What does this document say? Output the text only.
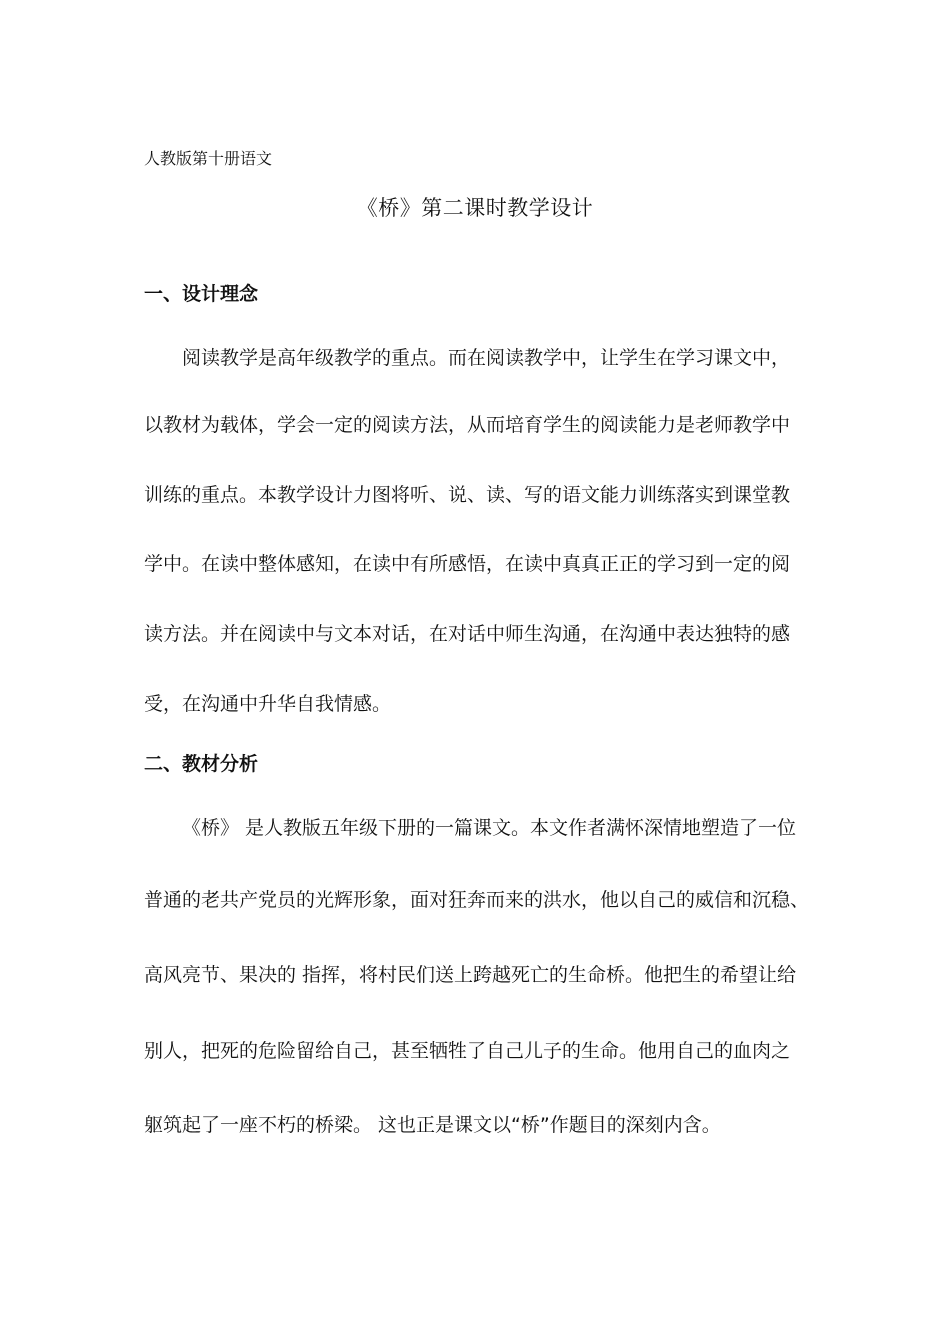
人教版第十册语文
《桥》第二课时教学设计
一、设计理念
阅读教学是高年级教学的重点。而在阅读教学中，让学生在学习课文中，
以教材为载体，学会一定的阅读方法，从而培育学生的阅读能力是老师教学中
训练的重点。本教学设计力图将听、说、读、写的语文能力训练落实到课堂教
学中。在读中整体感知，在读中有所感悟，在读中真真正正的学习到一定的阅
读方法。并在阅读中与文本对话，在对话中师生沟通，在沟通中表达独特的感
受，在沟通中升华自我情感。
二、教材分析
《桥》 是人教版五年级下册的一篇课文。本文作者满怀深情地塑造了一位
普通的老共产党员的光辉形象，面对狂奔而来的洪水，他以自己的威信和沉稳、
高风亮节、果决的 指挥，将村民们送上跨越死亡的生命桥。他把生的希望让给
别人，把死的危险留给自己，甚至牺牲了自己儿子的生命。他用自己的血肉之
躯筑起了一座不朽的桥梁。 这也正是课文以“桥”作题目的深刻内含。
